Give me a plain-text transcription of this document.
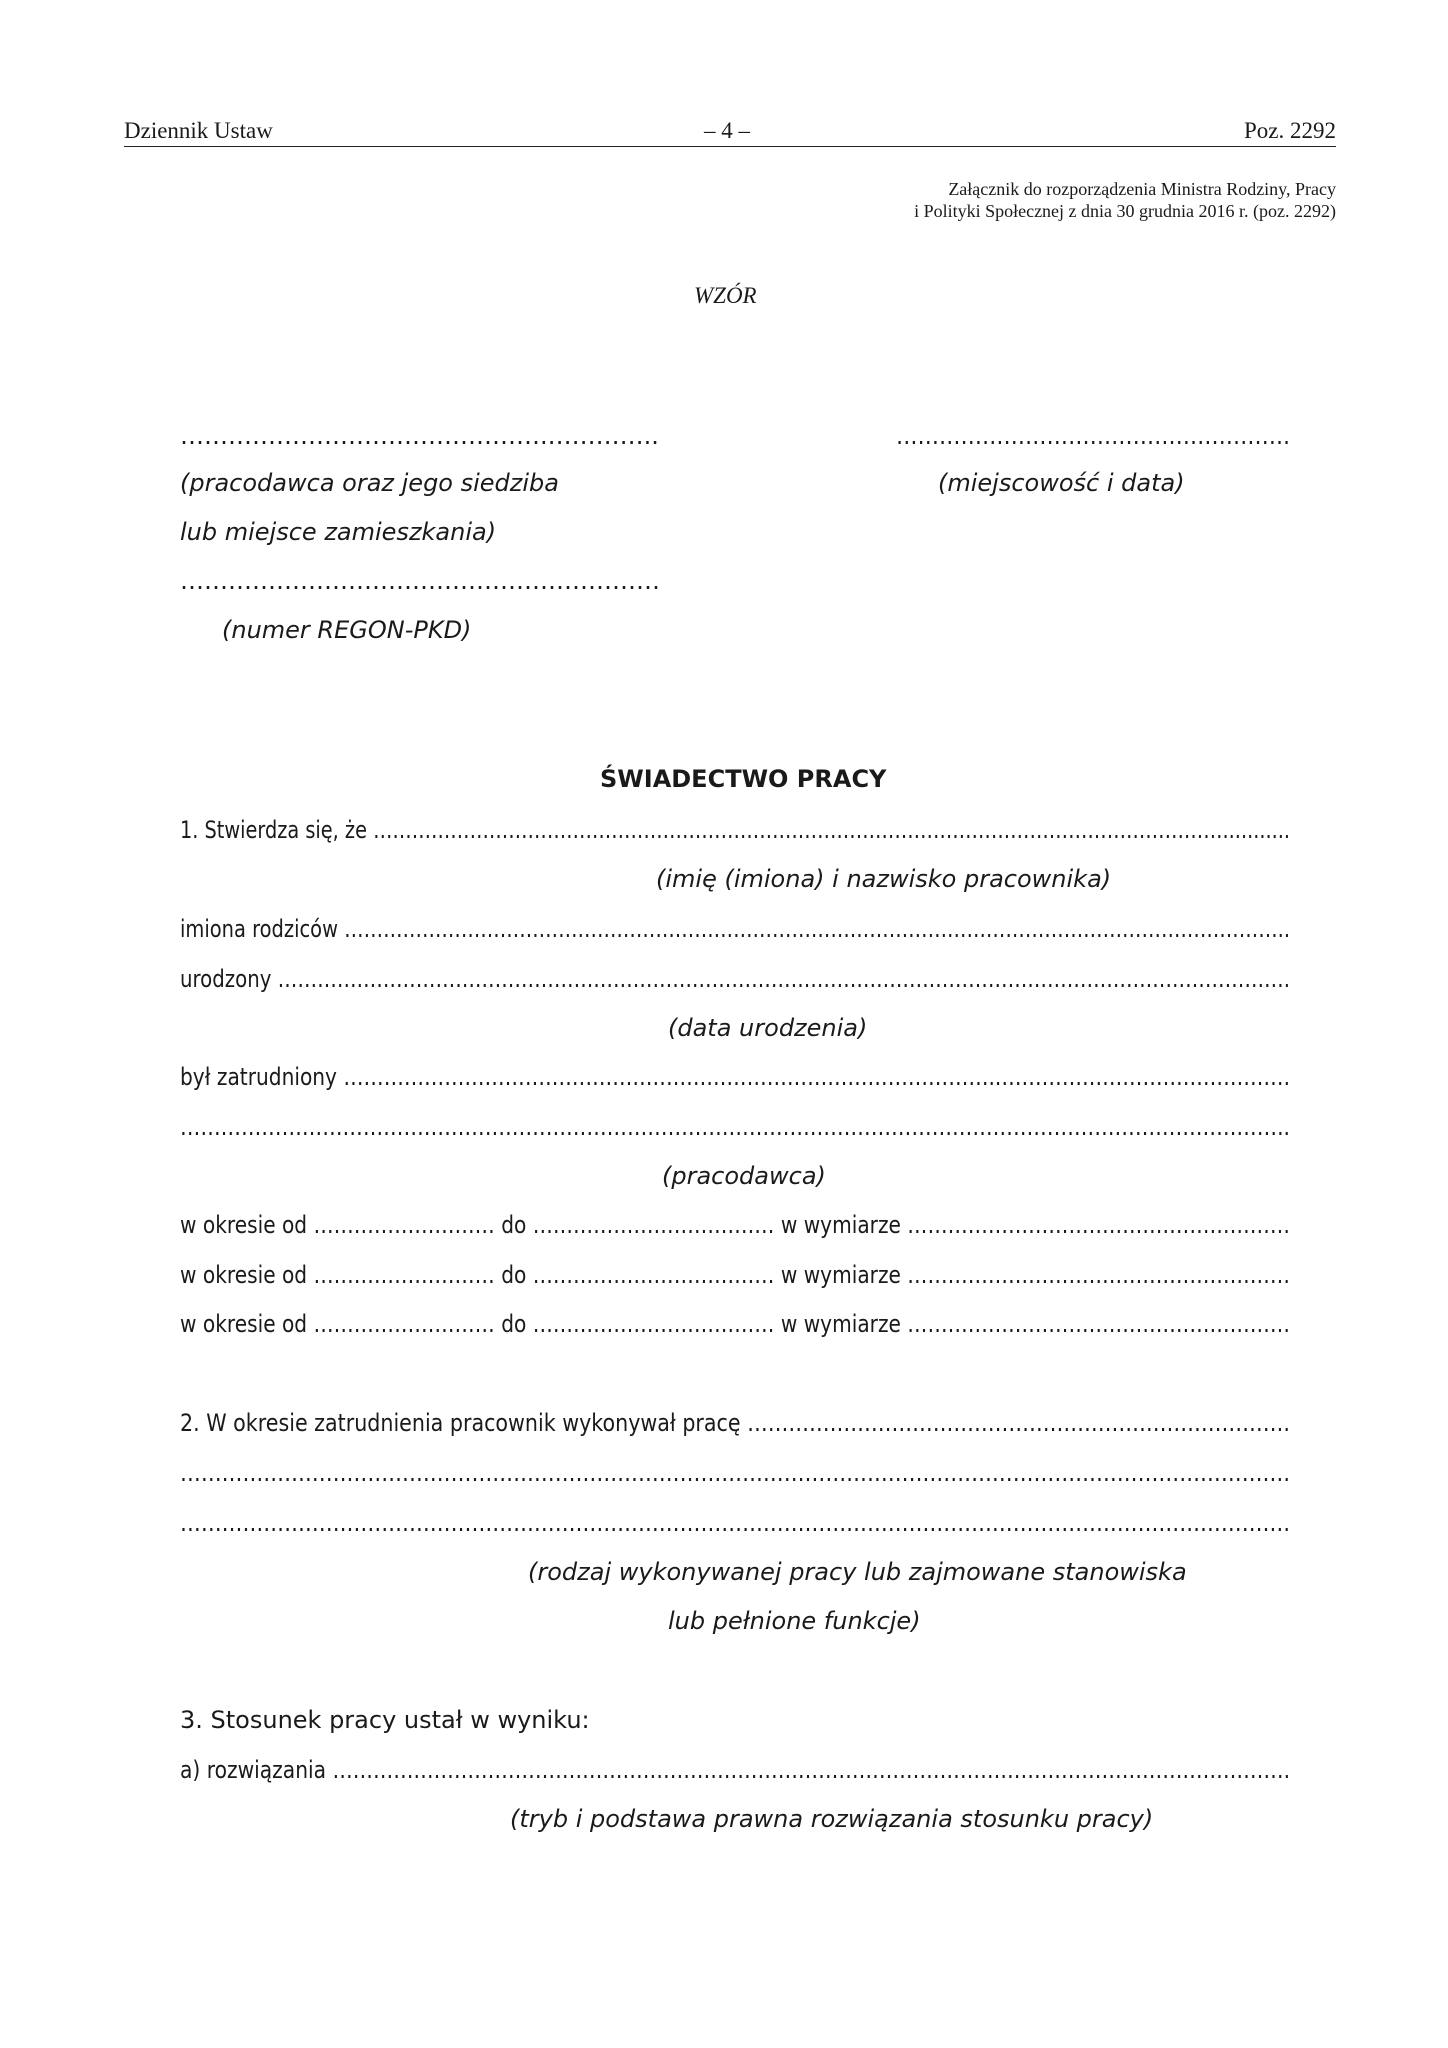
Dziennik Ustaw	– 4 –	Poz. 2292
Załącznik do rozporządzenia Ministra Rodziny, Pracy
i Polityki Społecznej z dnia 30 grudnia 2016 r. (poz. 2292)
WZÓR
……………………………………….…………..
(pracodawca oraz jego siedziba
lub miejsce zamieszkania)
……………………………………………………
(numer REGON-PKD)
……………………………………………….
(miejscowość i data)
ŚWIADECTWO PRACY
1. Stwierdza się, że ……………………………………………………………………………………………………………………...........
(imię (imiona) i nazwisko pracownika)
imiona rodziców ………………………………………………………………………………………………………………………………..
urodzony ……………………………………………………………………………………………………………………………………….
(data urodzenia)
był zatrudniony ……………………………………………………………………………………..…………………………………….
………………………………………………………………………………………………………………………………………………..
(pracodawca)
w okresie od ……………………… do ……………………………… w wymiarze …………………………………………………
w okresie od ……………………… do ……………………………… w wymiarze …………………………………………………
w okresie od ……………………… do ……………………………… w wymiarze …………………………………………………
2. W okresie zatrudnienia pracownik wykonywał pracę …………………………………………………………………….
…………………………………………………………………………………………………………………………………………….
…………………………………………………………………………………………………………………………………………….
(rodzaj wykonywanej pracy lub zajmowane stanowiska
lub pełnione funkcje)
3. Stosunek pracy ustał w wyniku:
a) rozwiązania …………………………………………………………………………………………………………………………….
(tryb i podstawa prawna rozwiązania stosunku pracy)
